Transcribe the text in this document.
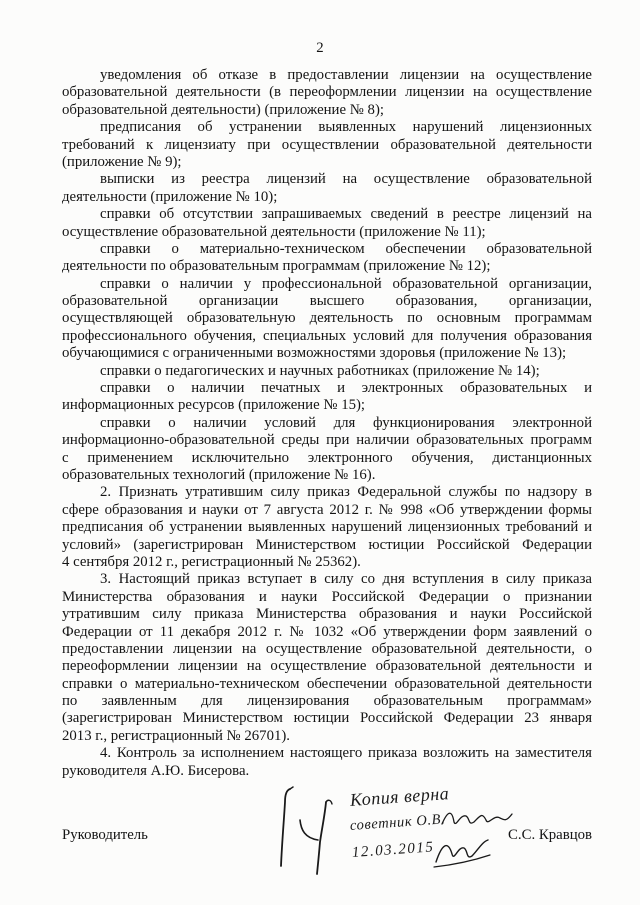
2
уведомления об отказе в предоставлении лицензии на осуществление
образовательной деятельности (в переоформлении лицензии на осуществление
образовательной деятельности) (приложение № 8);
предписания об устранении выявленных нарушений лицензионных
требований к лицензиату при осуществлении образовательной деятельности
(приложение № 9);
выписки из реестра лицензий на осуществление образовательной
деятельности (приложение № 10);
справки об отсутствии запрашиваемых сведений в реестре лицензий на
осуществление образовательной деятельности (приложение № 11);
справки о материально-техническом обеспечении образовательной
деятельности по образовательным программам (приложение № 12);
справки о наличии у профессиональной образовательной организации,
образовательной организации высшего образования, организации,
осуществляющей образовательную деятельность по основным программам
профессионального обучения, специальных условий для получения образования
обучающимися с ограниченными возможностями здоровья (приложение № 13);
справки о педагогических и научных работниках (приложение № 14);
справки о наличии печатных и электронных образовательных и
информационных ресурсов (приложение № 15);
справки о наличии условий для функционирования электронной
информационно-образовательной среды при наличии образовательных программ
с применением исключительно электронного обучения, дистанционных
образовательных технологий (приложение № 16).
2. Признать утратившим силу приказ Федеральной службы по надзору в
сфере образования и науки от 7 августа 2012 г. № 998 «Об утверждении формы
предписания об устранении выявленных нарушений лицензионных требований и
условий» (зарегистрирован Министерством юстиции Российской Федерации
4 сентября 2012 г., регистрационный № 25362).
3. Настоящий приказ вступает в силу со дня вступления в силу приказа
Министерства образования и науки Российской Федерации о признании
утратившим силу приказа Министерства образования и науки Российской
Федерации от 11 декабря 2012 г. № 1032 «Об утверждении форм заявлений о
предоставлении лицензии на осуществление образовательной деятельности, о
переоформлении лицензии на осуществление образовательной деятельности и
справки о материально-техническом обеспечении образовательной деятельности
по заявленным для лицензирования образовательным программам»
(зарегистрирован Министерством юстиции Российской Федерации 23 января
2013 г., регистрационный № 26701).
4. Контроль за исполнением настоящего приказа возложить на заместителя
руководителя А.Ю. Бисерова.
Руководитель	С.С. Кравцов
Копия верна
советник О.В.
12.03.2015
